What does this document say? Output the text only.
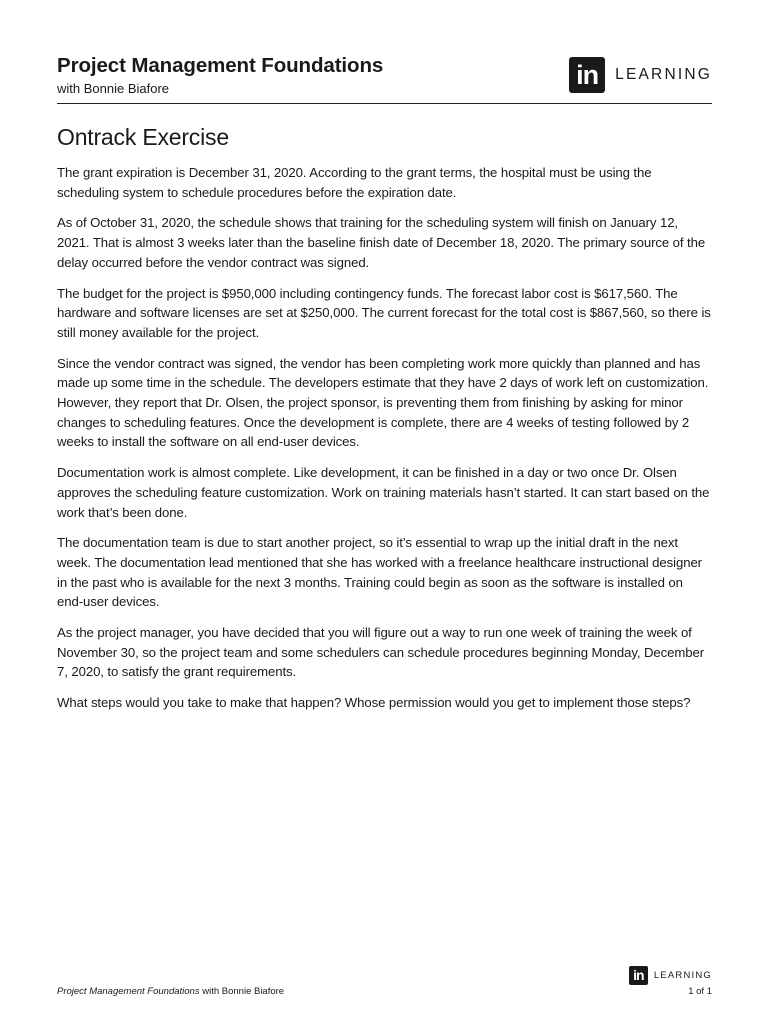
Project Management Foundations

with Bonnie Biafore	in	LEARNING
Ontrack Exercise

The grant expiration is December 31, 2020. According to the grant terms, the hospital must be using the scheduling system to schedule procedures before the expiration date.

As of October 31, 2020, the schedule shows that training for the scheduling system will finish on January 12, 2021. That is almost 3 weeks later than the baseline finish date of December 18, 2020. The primary source of the delay occurred before the vendor contract was signed.

The budget for the project is $950,000 including contingency funds. The forecast labor cost is $617,560. The hardware and software licenses are set at $250,000. The current forecast for the total cost is $867,560, so there is still money available for the project.

Since the vendor contract was signed, the vendor has been completing work more quickly than planned and has made up some time in the schedule. The developers estimate that they have 2 days of work left on customization. However, they report that Dr. Olsen, the project sponsor, is preventing them from finishing by asking for minor changes to scheduling features. Once the development is complete, there are 4 weeks of testing followed by 2 weeks to install the software on all end-user devices.

Documentation work is almost complete. Like development, it can be finished in a day or two once Dr. Olsen approves the scheduling feature customization. Work on training materials hasn’t started. It can start based on the work that’s been done.

The documentation team is due to start another project, so it’s essential to wrap up the initial draft in the next week. The documentation lead mentioned that she has worked with a freelance healthcare instructional designer in the past who is available for the next 3 months. Training could begin as soon as the software is installed on end-user devices.

As the project manager, you have decided that you will figure out a way to run one week of training the week of November 30, so the project team and some schedulers can schedule procedures beginning Monday, December 7, 2020, to satisfy the grant requirements.

What steps would you take to make that happen? Whose permission would you get to implement those steps?

Project Management Foundations with Bonnie Biafore
in	LEARNING
1 of 1
